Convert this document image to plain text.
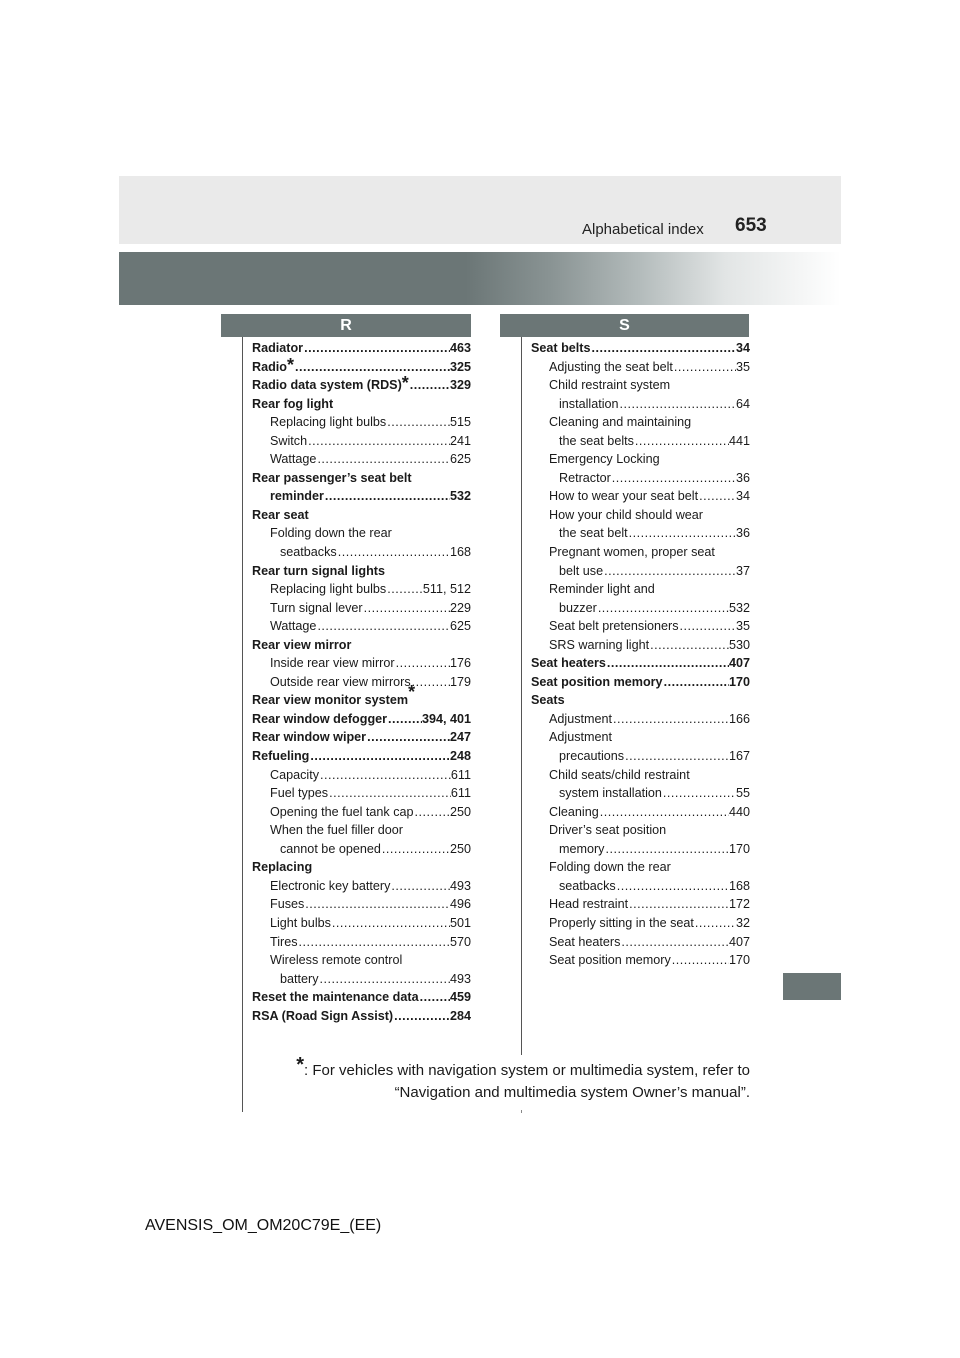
Alphabetical index 653
R	S
Radiator .....	463
Radio * .....	325
Radio data system (RDS) * .....	329
Rear fog light
Replacing light bulbs .....	515
Switch .....	241
Wattage .....	625
Rear passenger’s seat belt
reminder .....	532
Rear seat
Folding down the rear
seatbacks .....	168
Rear turn signal lights
Replacing light bulbs .....	511, 512
Turn signal lever .....	229
Wattage .....	625
Rear view mirror
Inside rear view mirror .....	176
Outside rear view mirrors .....	179
Rear view monitor system*
Rear window defogger .....	394, 401
Rear window wiper .....	247
Refueling .....	248
Capacity .....	611
Fuel types .....	611
Opening the fuel tank cap .....	250
When the fuel filler door
cannot be opened .....	250
Replacing
Electronic key battery .....	493
Fuses .....	496
Light bulbs .....	501
Tires .....	570
Wireless remote control
battery .....	493
Reset the maintenance data ..... 459
RSA (Road Sign Assist) .....	284
Seat belts .....	34
Adjusting the seat belt .....	35
Child restraint system
installation .....	64
Cleaning and maintaining
the seat belts .....	441
Emergency Locking
Retractor .....	36
How to wear your seat belt .....	34
How your child should wear
the seat belt .....	36
Pregnant women, proper seat
belt use .....	37
Reminder light and
buzzer .....	532
Seat belt pretensioners .....	35
SRS warning light .....	530
Seat heaters .....	407
Seat position memory .....	170
Seats
Adjustment .....	166
Adjustment
precautions .....	167
Child seats/child restraint
system installation .....	55
Cleaning .....	440
Driver’s seat position
memory .....	170
Folding down the rear
seatbacks .....	168
Head restraint .....	172
Properly sitting in the seat .....	32
Seat heaters .....	407
Seat position memory .....	170
*: For vehicles with navigation system or multimedia system, refer to
“Navigation and multimedia system Owner’s manual”.
AVENSIS_OM_OM20C79E_(EE)
